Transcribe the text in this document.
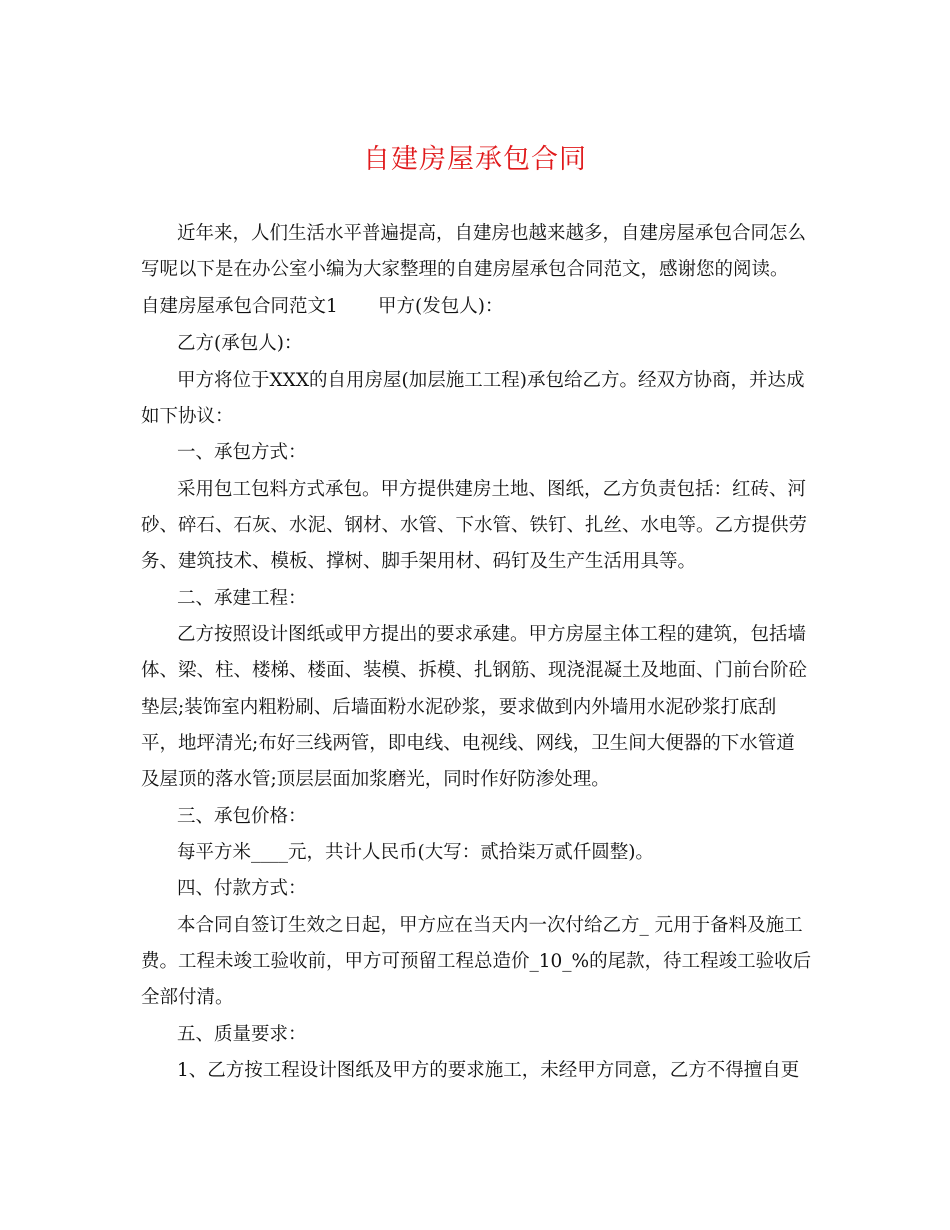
自建房屋承包合同
近年来，人们生活水平普遍提高，自建房也越来越多，自建房屋承包合同怎么
写呢以下是在办公室小编为大家整理的自建房屋承包合同范文，感谢您的阅读。
自建房屋承包合同范文1 甲方(发包人)：
乙方(承包人)：
甲方将位于XXX的自用房屋(加层施工工程)承包给乙方。经双方协商，并达成
如下协议：
一、承包方式：
采用包工包料方式承包。甲方提供建房土地、图纸，乙方负责包括：红砖、河
砂、碎石、石灰、水泥、钢材、水管、下水管、铁钉、扎丝、水电等。乙方提供劳
务、建筑技术、模板、撑树、脚手架用材、码钉及生产生活用具等。
二、承建工程：
乙方按照设计图纸或甲方提出的要求承建。甲方房屋主体工程的建筑，包括墙
体、梁、柱、楼梯、楼面、装模、拆模、扎钢筋、现浇混凝土及地面、门前台阶砼
垫层;装饰室内粗粉刷、后墙面粉水泥砂浆，要求做到内外墙用水泥砂浆打底刮
平，地坪清光;布好三线两管，即电线、电视线、网线，卫生间大便器的下水管道
及屋顶的落水管;顶层层面加浆磨光，同时作好防渗处理。
三、承包价格：
每平方米____元，共计人民币(大写：贰拾柒万贰仟圆整)。
四、付款方式：
本合同自签订生效之日起，甲方应在当天内一次付给乙方_ 元用于备料及施工
费。工程未竣工验收前，甲方可预留工程总造价_10_%的尾款，待工程竣工验收后
全部付清。
五、质量要求：
1、乙方按工程设计图纸及甲方的要求施工，未经甲方同意，乙方不得擅自更
